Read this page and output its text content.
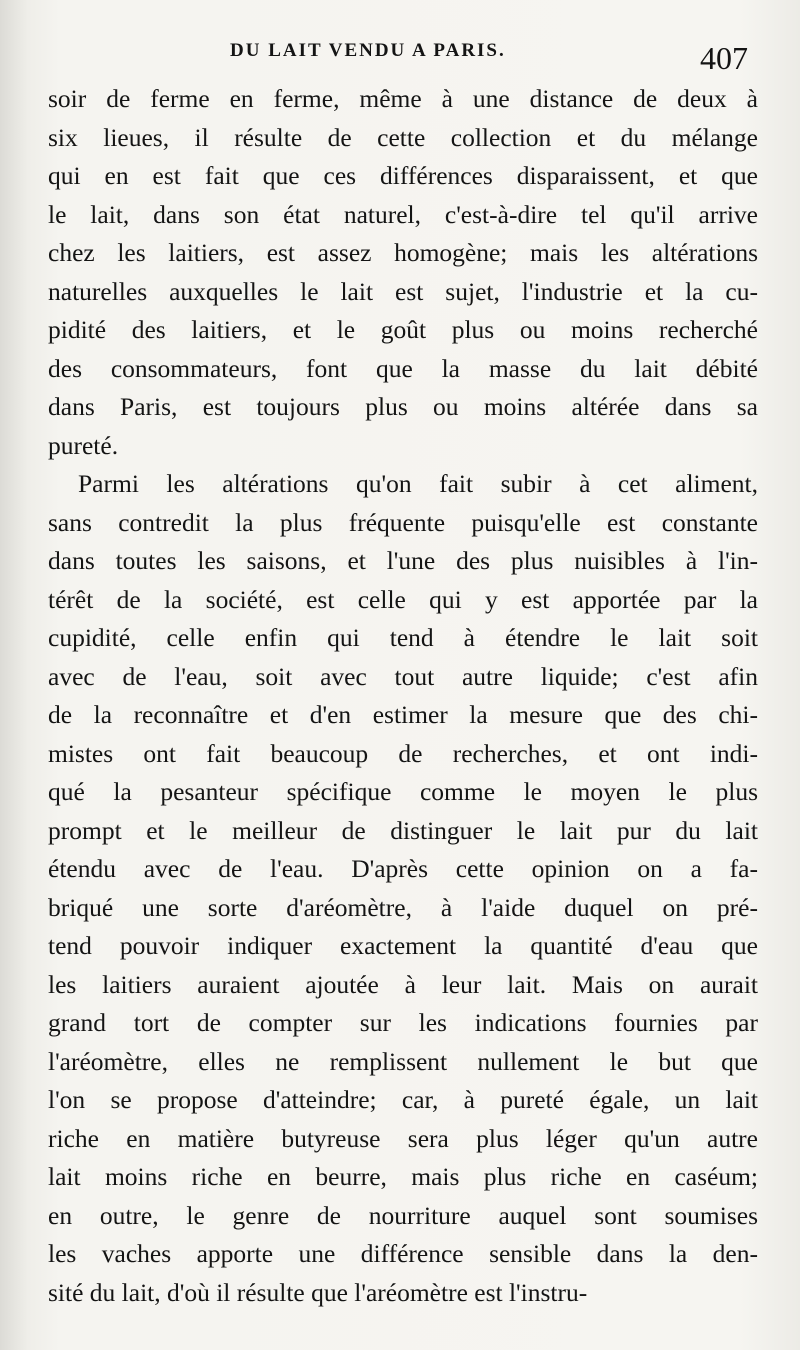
DU LAIT VENDU A PARIS.	407
soir de ferme en ferme, même à une distance de deux à
six lieues, il résulte de cette collection et du mélange
qui en est fait que ces différences disparaissent, et que
le lait, dans son état naturel, c'est-à-dire tel qu'il arrive
chez les laitiers, est assez homogène; mais les altérations
naturelles auxquelles le lait est sujet, l'industrie et la cu-
pidité des laitiers, et le goût plus ou moins recherché
des consommateurs, font que la masse du lait débité
dans Paris, est toujours plus ou moins altérée dans sa
pureté.
Parmi les altérations qu'on fait subir à cet aliment,
sans contredit la plus fréquente puisqu'elle est constante
dans toutes les saisons, et l'une des plus nuisibles à l'in-
térêt de la société, est celle qui y est apportée par la
cupidité, celle enfin qui tend à étendre le lait soit
avec de l'eau, soit avec tout autre liquide; c'est afin
de la reconnaître et d'en estimer la mesure que des chi-
mistes ont fait beaucoup de recherches, et ont indi-
qué la pesanteur spécifique comme le moyen le plus
prompt et le meilleur de distinguer le lait pur du lait
étendu avec de l'eau. D'après cette opinion on a fa-
briqué une sorte d'aréomètre, à l'aide duquel on pré-
tend pouvoir indiquer exactement la quantité d'eau que
les laitiers auraient ajoutée à leur lait. Mais on aurait
grand tort de compter sur les indications fournies par
l'aréomètre, elles ne remplissent nullement le but que
l'on se propose d'atteindre; car, à pureté égale, un lait
riche en matière butyreuse sera plus léger qu'un autre
lait moins riche en beurre, mais plus riche en caséum;
en outre, le genre de nourriture auquel sont soumises
les vaches apporte une différence sensible dans la den-
sité du lait, d'où il résulte que l'aréomètre est l'instru-
